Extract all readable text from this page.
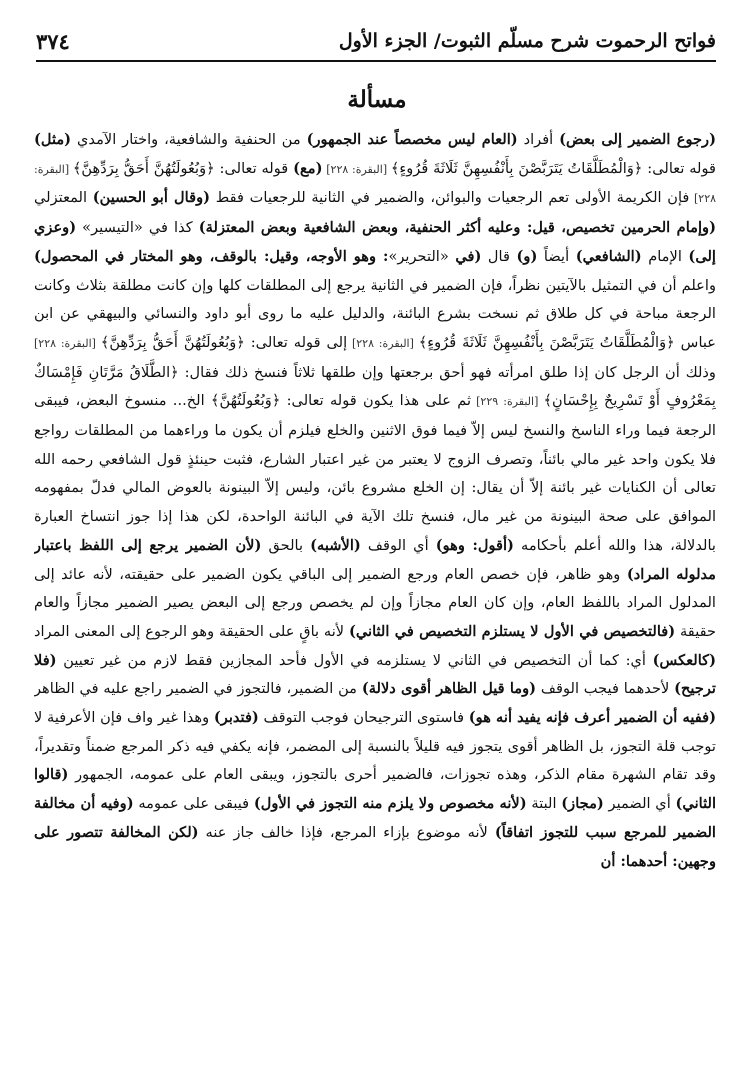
فواتح الرحموت شرح مسلّم الثبوت/ الجزء الأول
٣٧٤
مسألة
(رجوع الضمير إلى بعض) أفراد (العام ليس مخصصاً عند الجمهور) من الحنفية والشافعية، واختار الآمدي (مثل) قوله تعالى: ﴿وَالْمُطَلَّقَاتُ يَتَرَبَّصْنَ بِأَنْفُسِهِنَّ ثَلَاثَةَ قُرُوءٍ﴾ [البقرة: ٢٢٨] (مع) قوله تعالى: ﴿وَبُعُولَتُهُنَّ أَحَقُّ بِرَدِّهِنَّ﴾ [البقرة: ٢٢٨] فإن الكريمة الأولى تعم الرجعيات والبوائن، والضمير في الثانية للرجعيات فقط (وقال أبو الحسين) المعتزلي (وإمام الحرمين تخصيص، قيل: وعليه أكثر الحنفية، وبعض الشافعية وبعض المعتزلة) كذا في «التيسير» (وعزي إلى) الإمام (الشافعي) أيضاً (و) قال (في «التحرير»: وهو الأوجه، وقيل: بالوقف، وهو المختار في المحصول) واعلم أن في التمثيل بالآيتين نظراً، فإن الضمير في الثانية يرجع إلى المطلقات كلها وإن كانت مطلقة بثلاث وكانت الرجعة مباحة في كل طلاق ثم نسخت بشرع البائنة، والدليل عليه ما روى أبو داود والنسائي والبيهقي عن ابن عباس ﴿وَالْمُطَلَّقَاتُ يَتَرَبَّصْنَ بِأَنْفُسِهِنَّ ثَلَاثَةَ قُرُوءٍ﴾ [البقرة: ٢٢٨] إلى قوله تعالى: ﴿وَبُعُولَتُهُنَّ أَحَقُّ بِرَدِّهِنَّ﴾ [البقرة: ٢٢٨] وذلك أن الرجل كان إذا طلق امرأته فهو أحق برجعتها وإن طلقها ثلاثاً فنسخ ذلك فقال: ﴿الطَّلَاقُ مَرَّتَانِ فَإِمْسَاكٌ بِمَعْرُوفٍ أَوْ تَسْرِيحٌ بِإِحْسَانٍ﴾ [البقرة: ٢٢٩] ثم على هذا يكون قوله تعالى: ﴿وَبُعُولَتُهُنَّ﴾ الخ... منسوخ البعض، فيبقى الرجعة فيما وراء الناسخ والنسخ ليس إلاّ فيما فوق الاثنين والخلع فيلزم أن يكون ما وراءهما من المطلقات رواجع فلا يكون واحد غير مالي بائناً، وتصرف الزوج لا يعتبر من غير اعتبار الشارع، فثبت حينئذٍ قول الشافعي رحمه الله تعالى أن الكنايات غير بائنة إلاّ أن يقال: إن الخلع مشروع بائن، وليس إلاّ البينونة بالعوض المالي فدلّ بمفهومه الموافق على صحة البينونة من غير مال، فنسخ تلك الآية في البائنة الواحدة، لكن هذا إذا جوز انتساخ العبارة بالدلالة، هذا والله أعلم بأحكامه (أقول: وهو) أي الوقف (الأشبه) بالحق (لأن الضمير يرجع إلى اللفظ باعتبار مدلوله المراد) وهو ظاهر، فإن خصص العام ورجع الضمير إلى الباقي يكون الضمير على حقيقته، لأنه عائد إلى المدلول المراد باللفظ العام، وإن كان العام مجازاً وإن لم يخصص ورجع إلى البعض يصير الضمير مجازاً والعام حقيقة (فالتخصيص في الأول لا يستلزم التخصيص في الثاني) لأنه باقٍ على الحقيقة وهو الرجوع إلى المعنى المراد (كالعكس) أي: كما أن التخصيص في الثاني لا يستلزمه في الأول فأحد المجازين فقط لازم من غير تعيين (فلا ترجيح) لأحدهما فيجب الوقف (وما قيل الظاهر أقوى دلالة) من الضمير، فالتجوز في الضمير راجع عليه في الظاهر (ففيه أن الضمير أعرف فإنه يفيد أنه هو) فاستوى الترجيحان فوجب التوقف (فتدبر) وهذا غير واف فإن الأعرفية لا توجب قلة التجوز، بل الظاهر أقوى يتجوز فيه قليلاً بالنسبة إلى المضمر، فإنه يكفي فيه ذكر المرجع ضمناً وتقديراً، وقد تقام الشهرة مقام الذكر، وهذه تجوزات، فالضمير أحرى بالتجوز، ويبقى العام على عمومه، الجمهور (قالوا الثاني) أي الضمير (مجاز) البتة (لأنه مخصوص ولا يلزم منه التجوز في الأول) فيبقى على عمومه (وفيه أن مخالفة الضمير للمرجع سبب للتجوز اتفاقاً) لأنه موضوع بإزاء المرجع، فإذا خالف جاز عنه (لكن المخالفة تتصور على وجهين: أحدهما: أن
